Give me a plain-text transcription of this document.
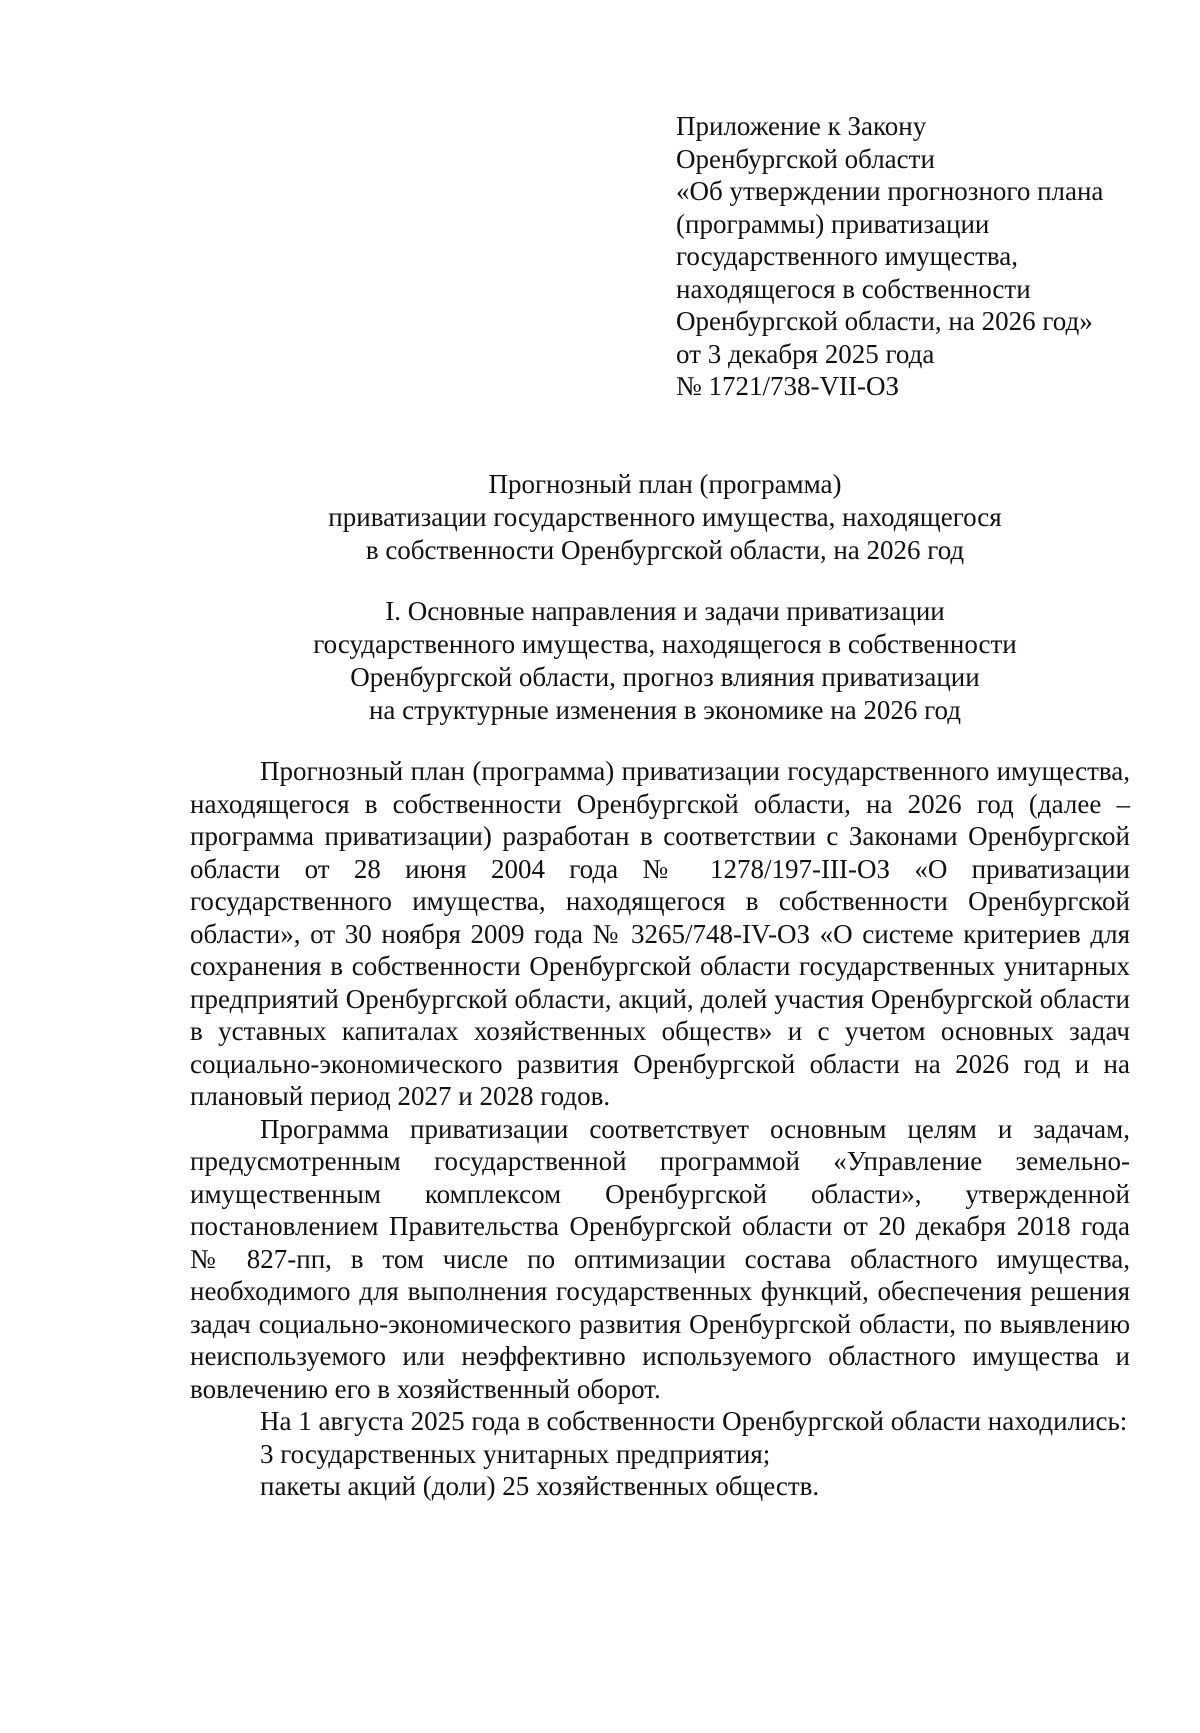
Приложение к Закону
Оренбургской области
«Об утверждении прогнозного плана
(программы) приватизации
государственного имущества,
находящегося в собственности
Оренбургской области, на 2026 год»
от 3 декабря 2025 года
№ 1721/738-VII-ОЗ
Прогнозный план (программа)
приватизации государственного имущества, находящегося
в собственности Оренбургской области, на 2026 год
I. Основные направления и задачи приватизации
государственного имущества, находящегося в собственности
Оренбургской области, прогноз влияния приватизации
на структурные изменения в экономике на 2026 год

Прогнозный план (программа) приватизации государственного имущества, находящегося в собственности Оренбургской области, на 2026 год (далее – программа приватизации) разработан в соответствии с Законами Оренбургской области от 28 июня 2004 года № 1278/197-III-ОЗ «О приватизации государственного имущества, находящегося в собственности Оренбургской области», от 30 ноября 2009 года № 3265/748-IV-ОЗ «О системе критериев для сохранения в собственности Оренбургской области государственных унитарных предприятий Оренбургской области, акций, долей участия Оренбургской области в уставных капиталах хозяйственных обществ» и с учетом основных задач социально-экономического развития Оренбургской области на 2026 год и на плановый период 2027 и 2028 годов.

Программа приватизации соответствует основным целям и задачам, предусмотренным государственной программой «Управление земельно-имущественным комплексом Оренбургской области», утвержденной постановлением Правительства Оренбургской области от 20 декабря 2018 года № 827-пп, в том числе по оптимизации состава областного имущества, необходимого для выполнения государственных функций, обеспечения решения задач социально-экономического развития Оренбургской области, по выявлению неиспользуемого или неэффективно используемого областного имущества и вовлечению его в хозяйственный оборот.

На 1 августа 2025 года в собственности Оренбургской области находились:

3 государственных унитарных предприятия;

пакеты акций (доли) 25 хозяйственных обществ.
